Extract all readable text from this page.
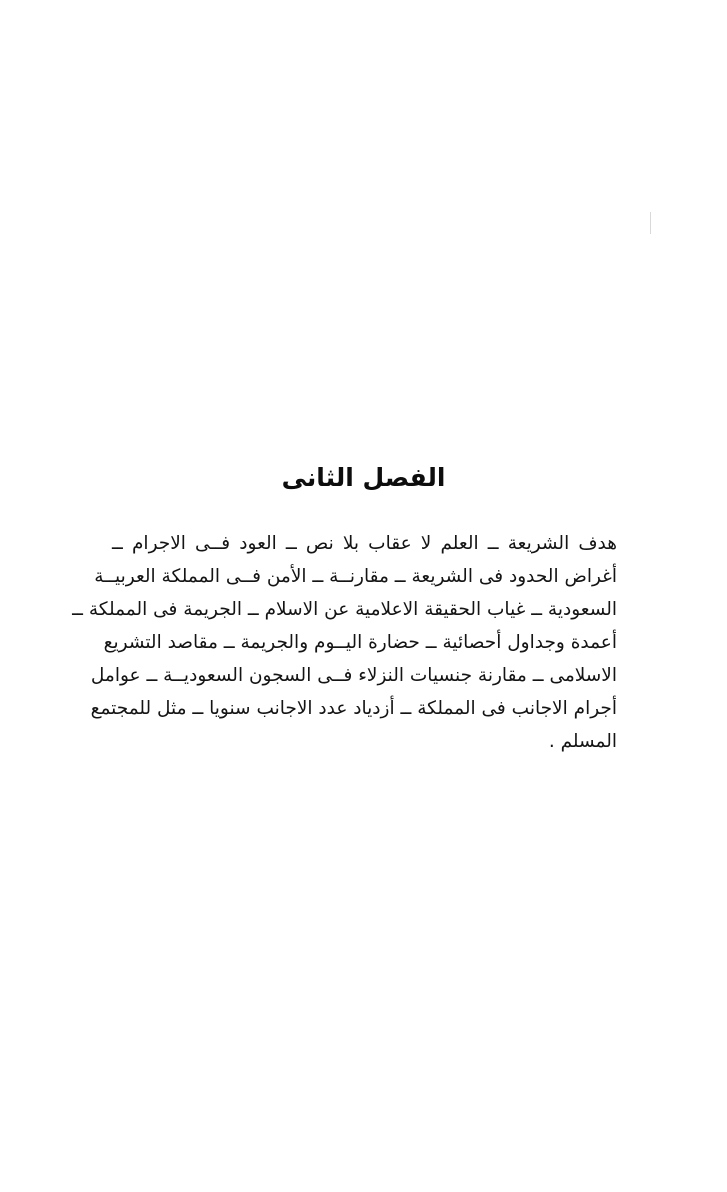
الفصل الثانى
هدف الشريعة ــ العلم لا عقاب بلا نص ــ العود فــى الاجرام ــ
أغراض الحدود فى الشريعة ــ مقارنــة ــ الأمن فــى المملكة العربيــة
السعودية ــ غياب الحقيقة الاعلامية عن الاسلام ــ الجريمة فى المملكة ــ
أعمدة وجداول أحصائية ــ حضارة اليــوم والجريمة ــ مقاصد التشريع
الاسلامى ــ مقارنة جنسيات النزلاء فــى السجون السعوديــة ــ عوامل
أجرام الاجانب فى المملكة ــ أزدياد عدد الاجانب سنويا ــ مثل للمجتمع
المسلم .
